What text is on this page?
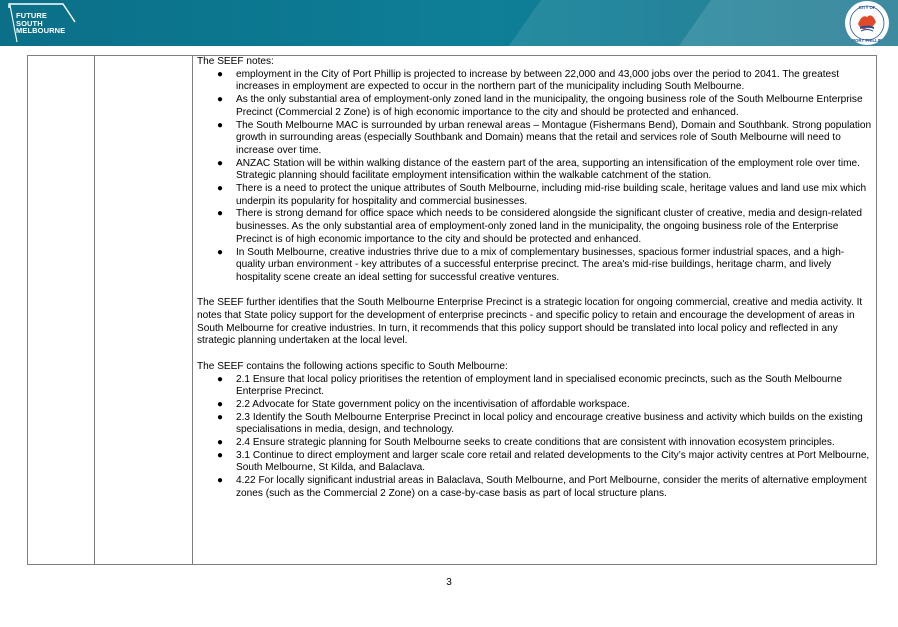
FUTURE
SOUTH
MELBOURNE
CITY OF
PORT PHILLIP

The SEEF notes:

● employment in the City of Port Phillip is projected to increase by between 22,000 and 43,000 jobs over the period to 2041. The greatest increases in employment are expected to occur in the northern part of the municipality including South Melbourne.
● As the only substantial area of employment-only zoned land in the municipality, the ongoing business role of the South Melbourne Enterprise Precinct (Commercial 2 Zone) is of high economic importance to the city and should be protected and enhanced.
● The South Melbourne MAC is surrounded by urban renewal areas – Montague (Fishermans Bend), Domain and Southbank. Strong population growth in surrounding areas (especially Southbank and Domain) means that the retail and services role of South Melbourne will need to increase over time.
● ANZAC Station will be within walking distance of the eastern part of the area, supporting an intensification of the employment role over time. Strategic planning should facilitate employment intensification within the walkable catchment of the station.
● There is a need to protect the unique attributes of South Melbourne, including mid-rise building scale, heritage values and land use mix which underpin its popularity for hospitality and commercial businesses.
● There is strong demand for office space which needs to be considered alongside the significant cluster of creative, media and design-related businesses. As the only substantial area of employment-only zoned land in the municipality, the ongoing business role of the Enterprise Precinct is of high economic importance to the city and should be protected and enhanced.
● In South Melbourne, creative industries thrive due to a mix of complementary businesses, spacious former industrial spaces, and a high-quality urban environment - key attributes of a successful enterprise precinct. The area's mid-rise buildings, heritage charm, and lively hospitality scene create an ideal setting for successful creative ventures.

The SEEF further identifies that the South Melbourne Enterprise Precinct is a strategic location for ongoing commercial, creative and media activity. It notes that State policy support for the development of enterprise precincts - and specific policy to retain and encourage the development of areas in South Melbourne for creative industries. In turn, it recommends that this policy support should be translated into local policy and reflected in any strategic planning undertaken at the local level.

The SEEF contains the following actions specific to South Melbourne:

● 2.1 Ensure that local policy prioritises the retention of employment land in specialised economic precincts, such as the South Melbourne Enterprise Precinct.
● 2.2 Advocate for State government policy on the incentivisation of affordable workspace.
● 2.3 Identify the South Melbourne Enterprise Precinct in local policy and encourage creative business and activity which builds on the existing specialisations in media, design, and technology.
● 2.4 Ensure strategic planning for South Melbourne seeks to create conditions that are consistent with innovation ecosystem principles.
● 3.1 Continue to direct employment and larger scale core retail and related developments to the City’s major activity centres at Port Melbourne, South Melbourne, St Kilda, and Balaclava.
● 4.22 For locally significant industrial areas in Balaclava, South Melbourne, and Port Melbourne, consider the merits of alternative employment zones (such as the Commercial 2 Zone) on a case-by-case basis as part of local structure plans.
3
